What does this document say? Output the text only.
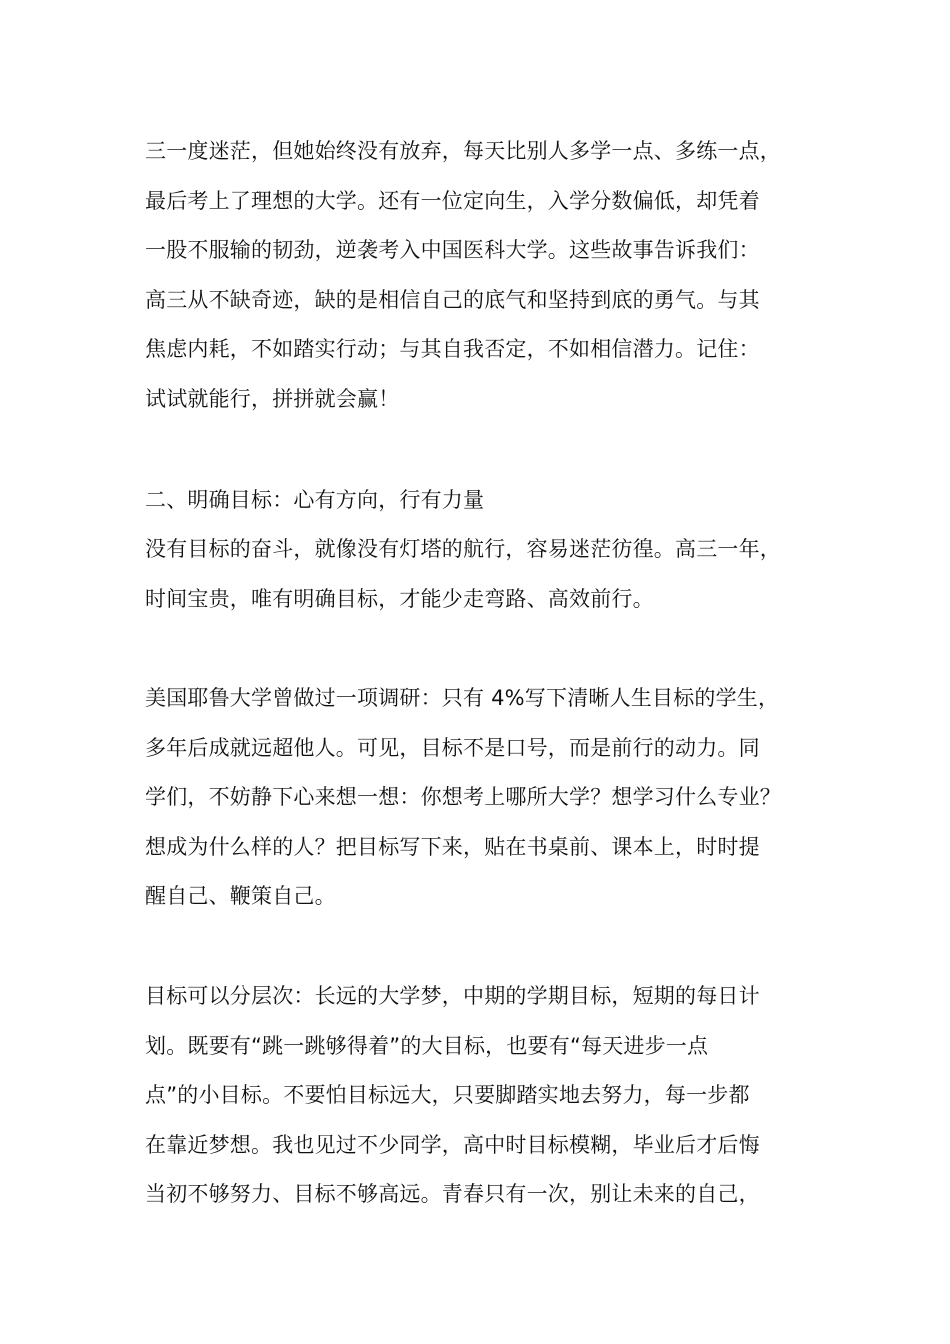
三一度迷茫，但她始终没有放弃，每天比别人多学一点、多练一点，
最后考上了理想的大学。还有一位定向生，入学分数偏低，却凭着
一股不服输的韧劲，逆袭考入中国医科大学。这些故事告诉我们：
高三从不缺奇迹，缺的是相信自己的底气和坚持到底的勇气。与其
焦虑内耗，不如踏实行动；与其自我否定，不如相信潜力。记住：
试试就能行，拼拼就会赢！
二、明确目标：心有方向，行有力量
没有目标的奋斗，就像没有灯塔的航行，容易迷茫彷徨。高三一年，
时间宝贵，唯有明确目标，才能少走弯路、高效前行。
美国耶鲁大学曾做过一项调研：只有 4%写下清晰人生目标的学生，
多年后成就远超他人。可见，目标不是口号，而是前行的动力。同
学们，不妨静下心来想一想：你想考上哪所大学？想学习什么专业？
想成为什么样的人？把目标写下来，贴在书桌前、课本上，时时提
醒自己、鞭策自己。
目标可以分层次：长远的大学梦，中期的学期目标，短期的每日计
划。既要有“跳一跳够得着”的大目标，也要有“每天进步一点
点”的小目标。不要怕目标远大，只要脚踏实地去努力，每一步都
在靠近梦想。我也见过不少同学，高中时目标模糊，毕业后才后悔
当初不够努力、目标不够高远。青春只有一次，别让未来的自己，
